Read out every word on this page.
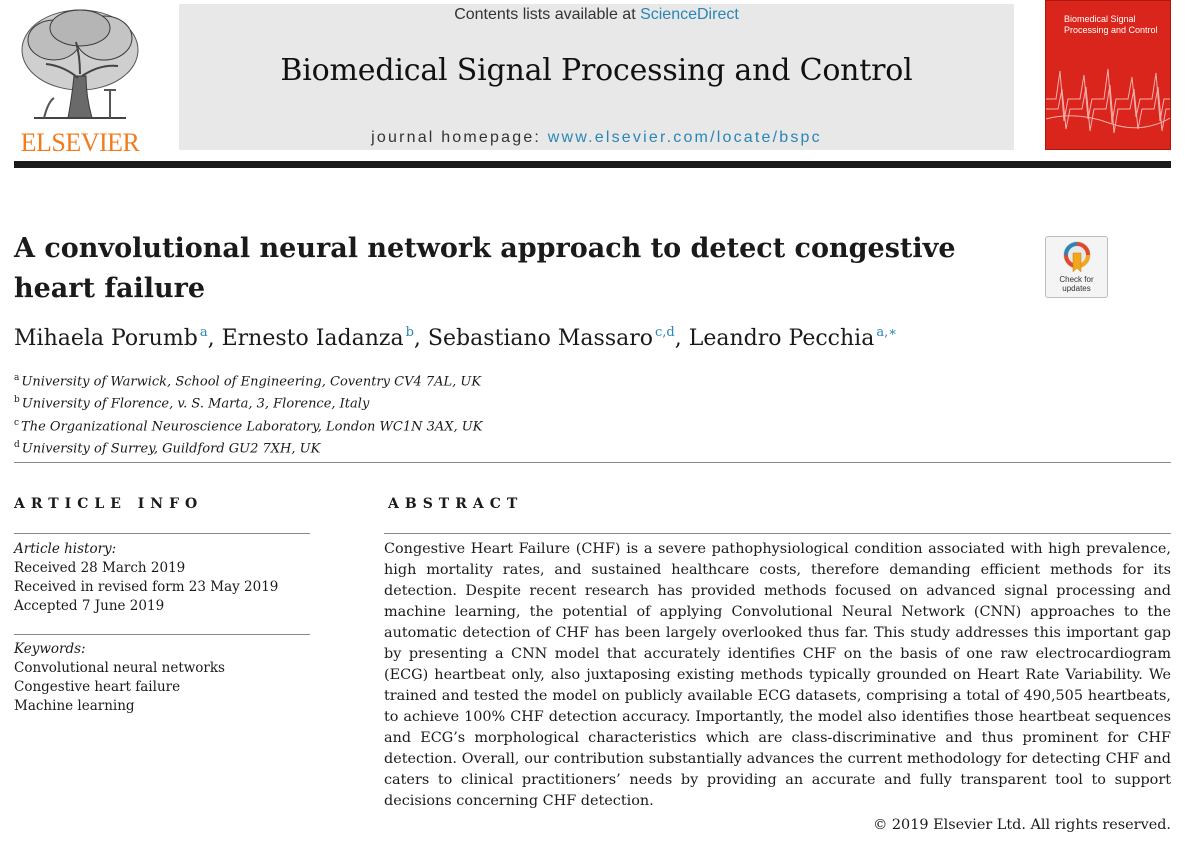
ELSEVIER
Contents lists available at ScienceDirect
Biomedical Signal Processing and Control
journal homepage: www.elsevier.com/locate/bspc
Biomedical Signal Processing and Control
A convolutional neural network approach to detect congestive heart failure	Check for
updates
Mihaela Porumb $^a$, Ernesto Iadanza $^b$, Sebastiano Massaro $^{c,d}$, Leandro Pecchia $^{a,∗}$
$^a$ University of Warwick, School of Engineering, Coventry CV4 7AL, UK
$^b$ University of Florence, v. S. Marta, 3, Florence, Italy
$^c$ The Organizational Neuroscience Laboratory, London WC1N 3AX, UK
$^d$ University of Surrey, Guildford GU2 7XH, UK
ARTICLE INFO
Article history:
Received 28 March 2019
Received in revised form 23 May 2019
Accepted 7 June 2019
Keywords:
Convolutional neural networks
Congestive heart failure
Machine learning
ABSTRACT

Congestive Heart Failure (CHF) is a severe pathophysiological condition associated with high prevalence, high mortality rates, and sustained healthcare costs, therefore demanding efficient methods for its detection. Despite recent research has provided methods focused on advanced signal processing and machine learning, the potential of applying Convolutional Neural Network (CNN) approaches to the automatic detection of CHF has been largely overlooked thus far. This study addresses this important gap by presenting a CNN model that accurately identifies CHF on the basis of one raw electrocardiogram (ECG) heartbeat only, also juxtaposing existing methods typically grounded on Heart Rate Variability. We trained and tested the model on publicly available ECG datasets, comprising a total of 490,505 heartbeats, to achieve 100% CHF detection accuracy. Importantly, the model also identifies those heartbeat sequences and ECG’s morphological characteristics which are class-discriminative and thus prominent for CHF detection. Overall, our contribution substantially advances the current methodology for detecting CHF and caters to clinical practitioners’ needs by providing an accurate and fully transparent tool to support decisions concerning CHF detection.

© 2019 Elsevier Ltd. All rights reserved.
